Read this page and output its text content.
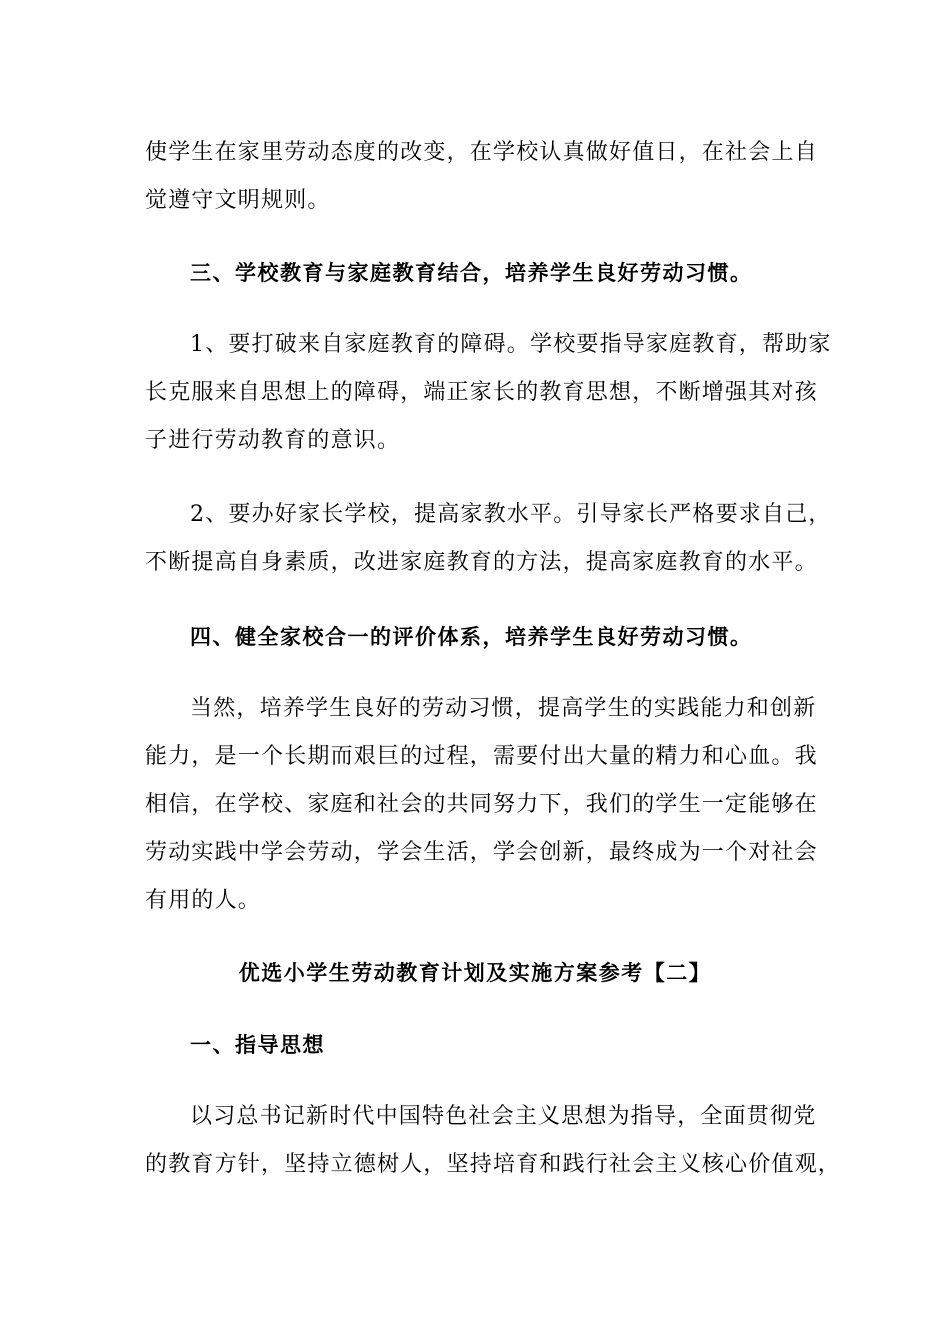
使学生在家里劳动态度的改变，在学校认真做好值日，在社会上自
觉遵守文明规则。
三、学校教育与家庭教育结合，培养学生良好劳动习惯。
1、要打破来自家庭教育的障碍。学校要指导家庭教育，帮助家
长克服来自思想上的障碍，端正家长的教育思想，不断增强其对孩
子进行劳动教育的意识。
2、要办好家长学校，提高家教水平。引导家长严格要求自己，
不断提高自身素质，改进家庭教育的方法，提高家庭教育的水平。
四、健全家校合一的评价体系，培养学生良好劳动习惯。
当然，培养学生良好的劳动习惯，提高学生的实践能力和创新
能力，是一个长期而艰巨的过程，需要付出大量的精力和心血。我
相信，在学校、家庭和社会的共同努力下，我们的学生一定能够在
劳动实践中学会劳动，学会生活，学会创新，最终成为一个对社会
有用的人。
优选小学生劳动教育计划及实施方案参考【二】
一、指导思想
以习总书记新时代中国特色社会主义思想为指导，全面贯彻党
的教育方针，坚持立德树人，坚持培育和践行社会主义核心价值观，
